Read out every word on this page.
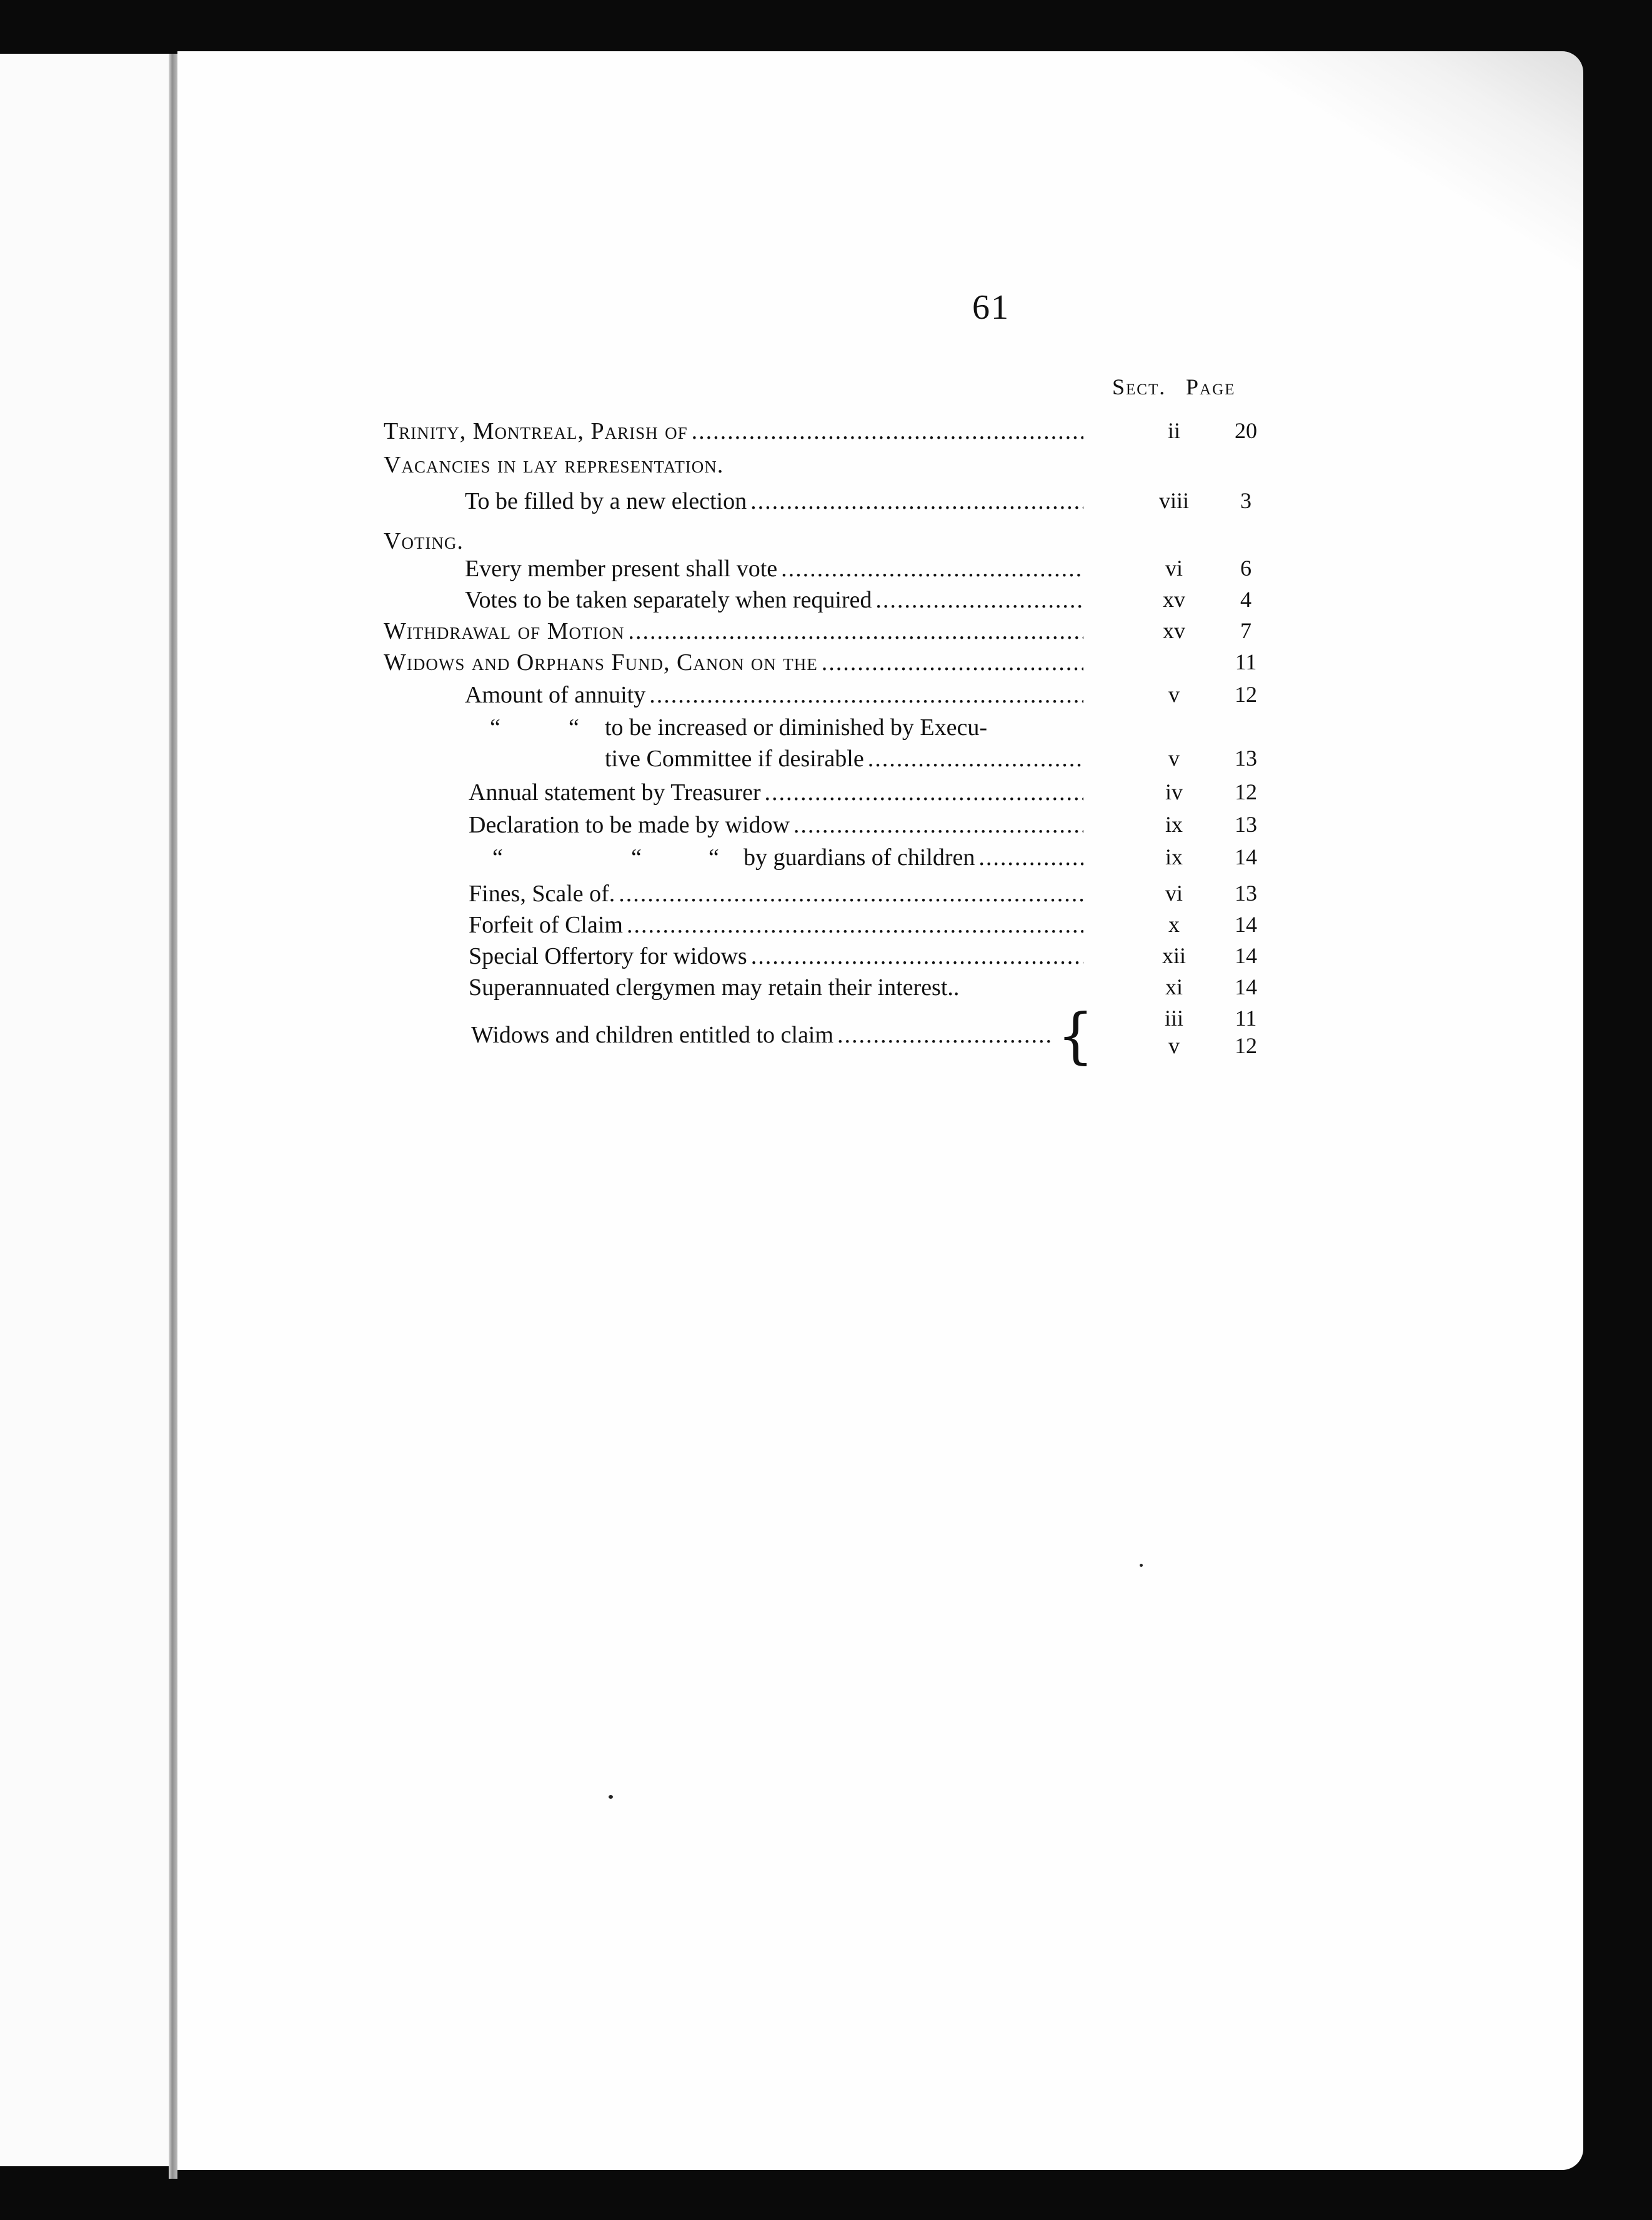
61
Sect. Page
Trinity, Montreal, Parish of .....	ii	20
Vacancies in lay representation.
To be filled by a new election .....	viii	3
Voting.
Every member present shall vote .....	vi	6
Votes to be taken separately when required .....	xv	4
Withdrawal of Motion .....	xv	7
Widows and Orphans Fund, Canon on the .....	11
Amount of annuity .....	v	12
“	“ to be increased or diminished by Execu-
tive Committee if desirable .....	v	13
Annual statement by Treasurer .....	iv	12
Declaration to be made by widow .....	ix	13
“	“	“ by guardians of children .....	ix	14
Fines, Scale of. .....	vi	13
Forfeit of Claim .....	x	14
Special Offertory for widows .....	xii	14
Superannuated clergymen may retain their interest..	xi	14
Widows and children entitled to claim .....	{	iii	11
v	12
